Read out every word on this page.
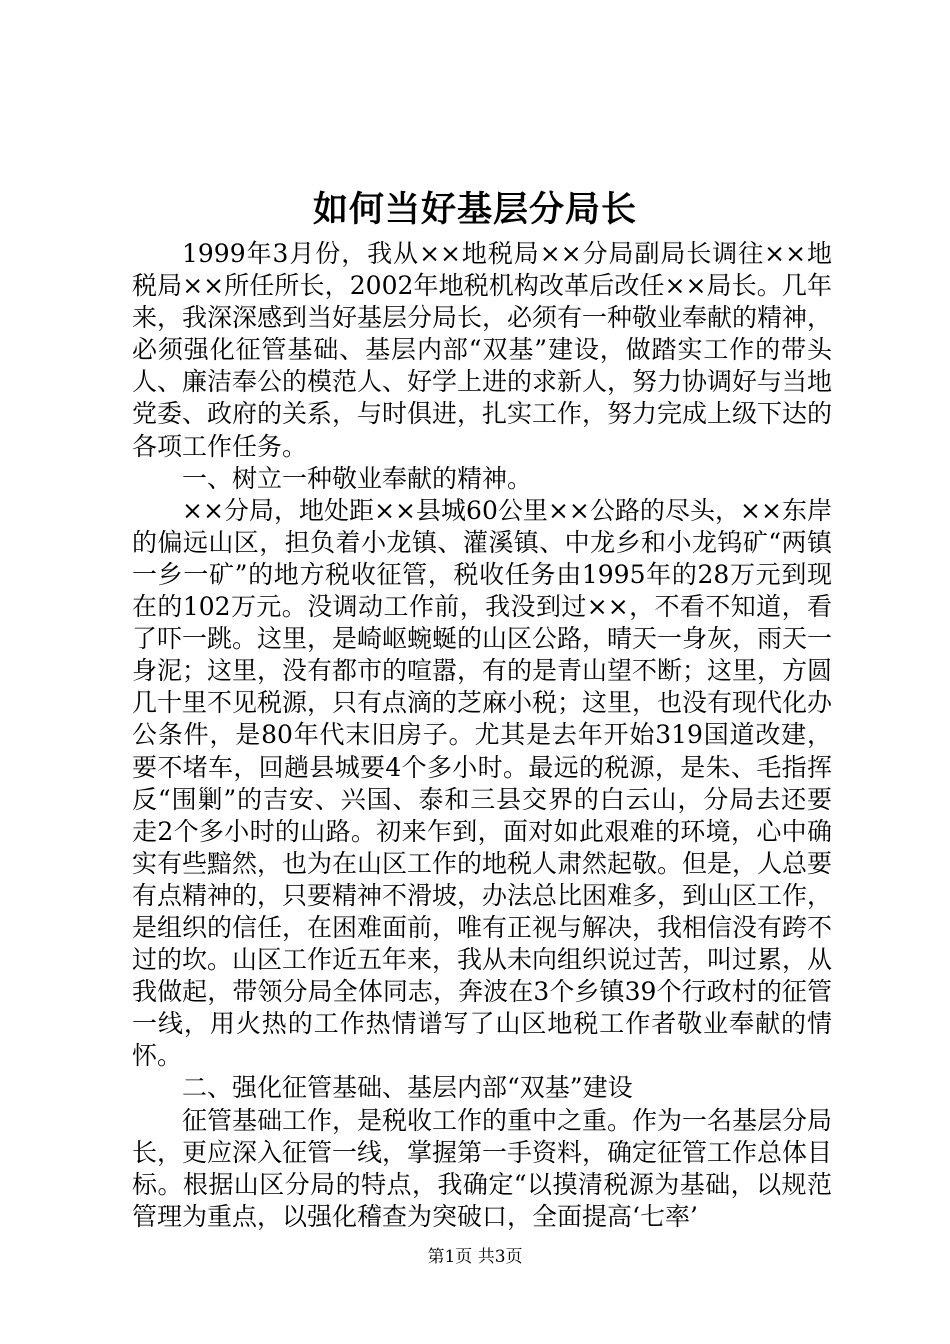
如何当好基层分局长

1999年3月份，我从××地税局××分局副局长调往××地税局××所任所长，2002年地税机构改革后改任××局长。几年来，我深深感到当好基层分局长，必须有一种敬业奉献的精神，必须强化征管基础、基层内部“双基”建设，做踏实工作的带头人、廉洁奉公的模范人、好学上进的求新人，努力协调好与当地党委、政府的关系，与时俱进，扎实工作，努力完成上级下达的各项工作任务。

一、树立一种敬业奉献的精神。

××分局，地处距××县城60公里××公路的尽头，××东岸的偏远山区，担负着小龙镇、灌溪镇、中龙乡和小龙钨矿“两镇一乡一矿”的地方税收征管，税收任务由1995年的28万元到现在的102万元。没调动工作前，我没到过××，不看不知道，看了吓一跳。这里，是崎岖蜿蜒的山区公路，晴天一身灰，雨天一身泥；这里，没有都市的喧嚣，有的是青山望不断；这里，方圆几十里不见税源，只有点滴的芝麻小税；这里，也没有现代化办公条件，是80年代末旧房子。尤其是去年开始319国道改建，要不堵车，回趟县城要4个多小时。最远的税源，是朱、毛指挥反“围剿”的吉安、兴国、泰和三县交界的白云山，分局去还要走2个多小时的山路。初来乍到，面对如此艰难的环境，心中确实有些黯然，也为在山区工作的地税人肃然起敬。但是，人总要有点精神的，只要精神不滑坡，办法总比困难多，到山区工作，是组织的信任，在困难面前，唯有正视与解决，我相信没有跨不过的坎。山区工作近五年来，我从未向组织说过苦，叫过累，从我做起，带领分局全体同志，奔波在3个乡镇39个行政村的征管一线，用火热的工作热情谱写了山区地税工作者敬业奉献的情怀。

二、强化征管基础、基层内部“双基”建设

征管基础工作，是税收工作的重中之重。作为一名基层分局长，更应深入征管一线，掌握第一手资料，确定征管工作总体目标。根据山区分局的特点，我确定“以摸清税源为基础，以规范管理为重点，以强化稽查为突破口，全面提高‘七率’

第1页 共3页
